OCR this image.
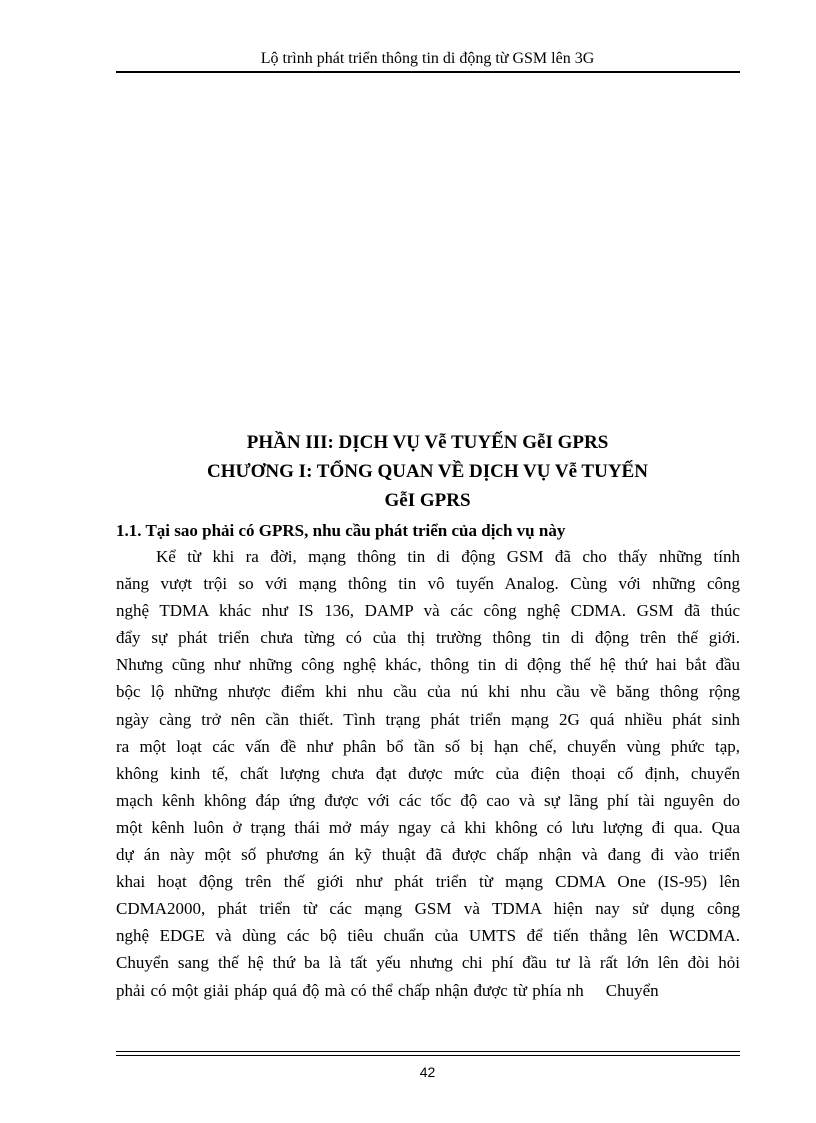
Lộ trình phát triển thông tin di động từ GSM lên 3G
PHẦN III: DỊCH VỤ Vễ TUYẾN GễI GPRS
CHƯƠNG I: TỔNG QUAN VỀ DỊCH VỤ Vễ TUYẾN
GễI GPRS
1.1. Tại sao phải có GPRS, nhu cầu phát triển của dịch vụ này
Kể từ khi ra đời, mạng thông tin di động GSM đã cho thấy những tính
năng vượt trội so với mạng thông tin vô tuyến Analog. Cùng với những công
nghệ TDMA khác như IS 136, DAMP và các công nghệ CDMA. GSM đã thúc
đẩy sự phát triển chưa từng có của thị trường thông tin di động trên thế giới.
Nhưng cũng như những công nghệ khác, thông tin di động thế hệ thứ hai bắt đầu
bộc lộ những nhược điểm khi nhu cầu của nú khi nhu cầu về băng thông rộng
ngày càng trở nên cần thiết. Tình trạng phát triển mạng 2G quá nhiều phát sinh
ra một loạt các vấn đề như phân bổ tần số bị hạn chế, chuyển vùng phức tạp,
không kinh tế, chất lượng chưa đạt được mức của điện thoại cố định, chuyển
mạch kênh không đáp ứng được với các tốc độ cao và sự lãng phí tài nguyên do
một kênh luôn ở trạng thái mở máy ngay cả khi không có lưu lượng đi qua. Qua
dự án này một số phương án kỹ thuật đã được chấp nhận và đang đi vào triển
khai hoạt động trên thế giới như phát triển từ mạng CDMA One (IS-95) lên
CDMA2000, phát triển từ các mạng GSM và TDMA hiện nay sử dụng công
nghệ EDGE và dùng các bộ tiêu chuẩn của UMTS để tiến thẳng lên WCDMA.
Chuyển sang thế hệ thứ ba là tất yếu nhưng chi phí đầu tư là rất lớn lên đòi hỏi
phải có một giải pháp quá độ mà có thể chấp nhận được từ phía nh Chuyển
42
